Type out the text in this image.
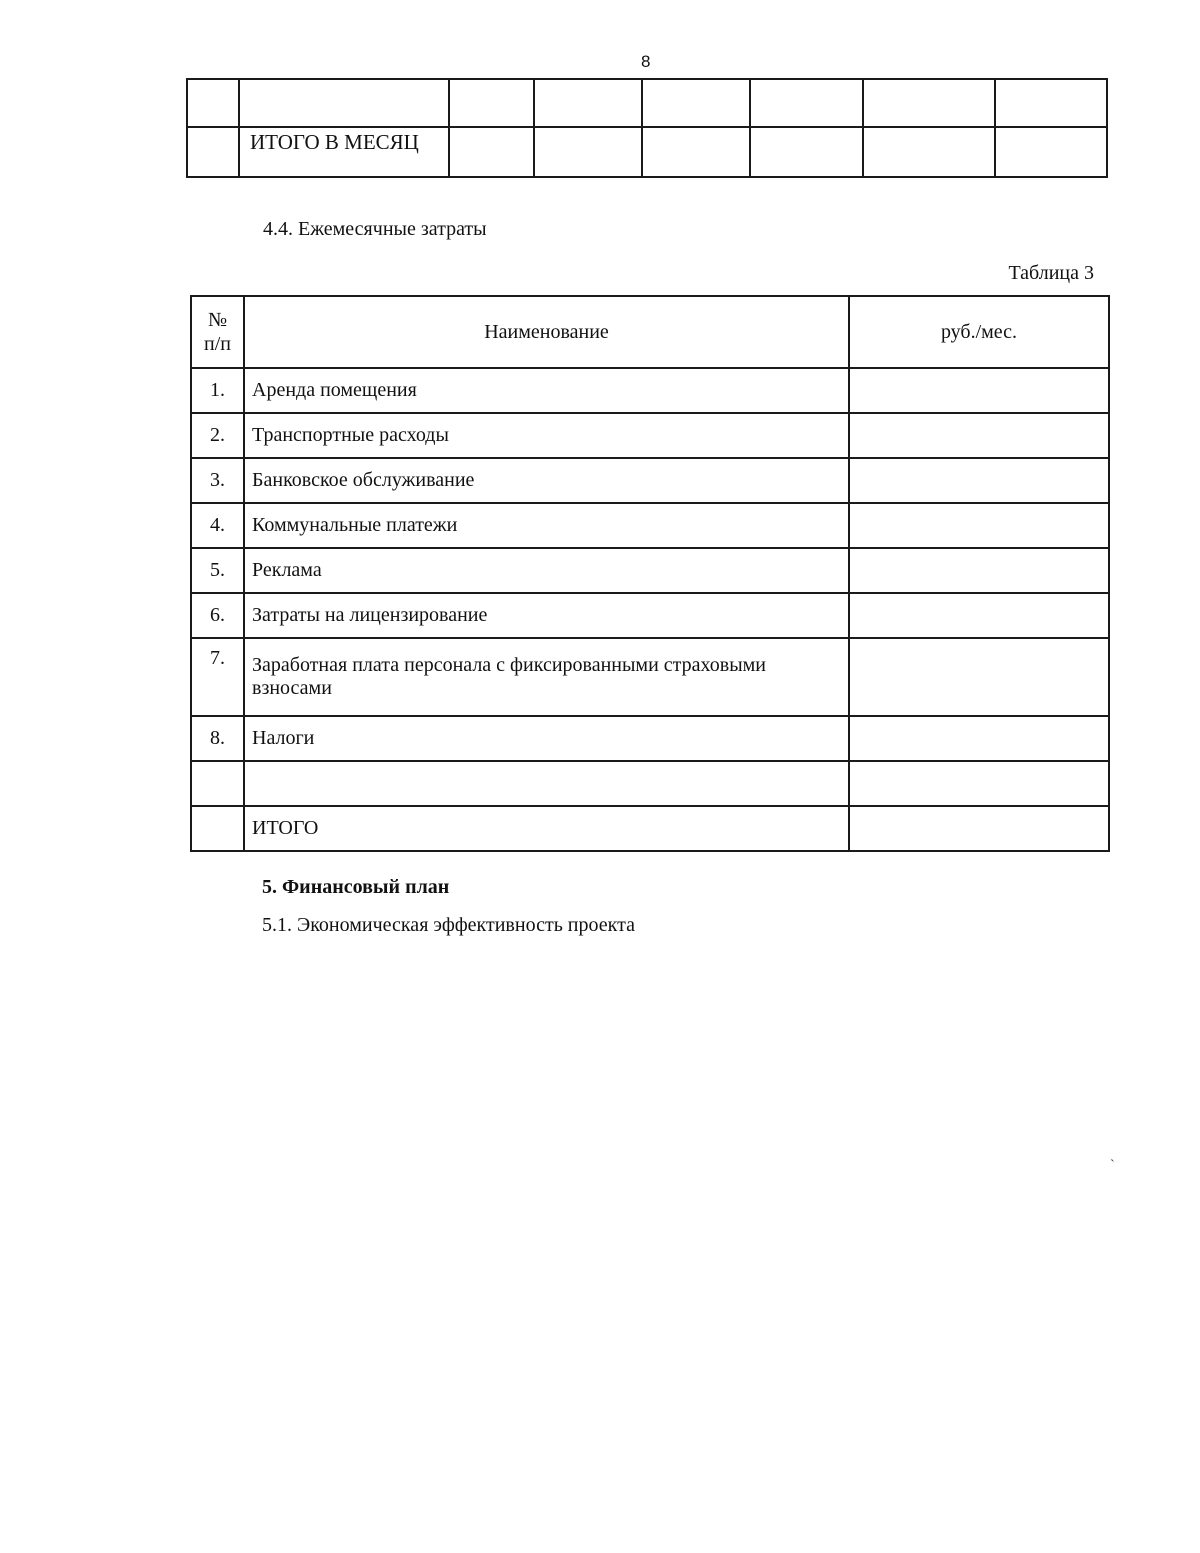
8

	ИТОГО В МЕСЯЦ						
4.4. Ежемесячные затраты
Таблица 3
№
п/п	Наименование	руб./мес.
1.	Аренда помещения	
2.	Транспортные расходы	
3.	Банковское обслуживание	
4.	Коммунальные платежи	
5.	Реклама	
6.	Затраты на лицензирование	
7.	Заработная плата персонала с фиксированными страховыми взносами	
8.	Налоги	

	ИТОГО	
5. Финансовый план
5.1. Экономическая эффективность проекта
ˋ
